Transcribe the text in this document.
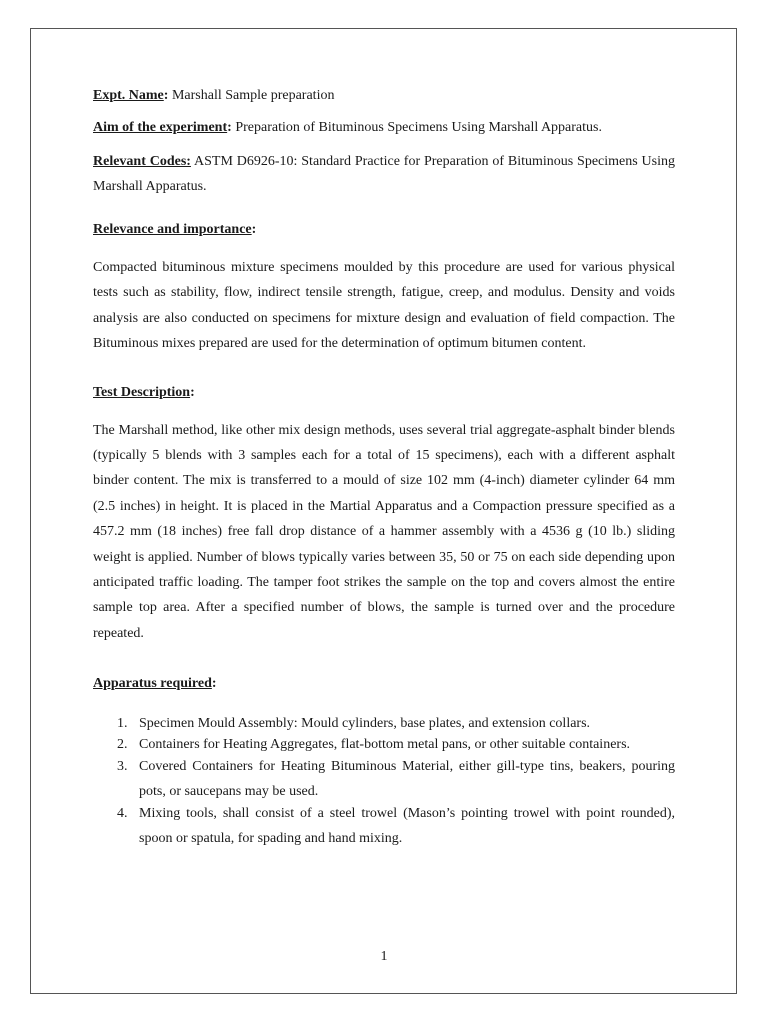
Expt. Name: Marshall Sample preparation

Aim of the experiment: Preparation of Bituminous Specimens Using Marshall Apparatus.

Relevant Codes: ASTM D6926-10: Standard Practice for Preparation of Bituminous Specimens Using Marshall Apparatus.

Relevance and importance:

Compacted bituminous mixture specimens moulded by this procedure are used for various physical tests such as stability, flow, indirect tensile strength, fatigue, creep, and modulus. Density and voids analysis are also conducted on specimens for mixture design and evaluation of field compaction. The Bituminous mixes prepared are used for the determination of optimum bitumen content.

Test Description:

The Marshall method, like other mix design methods, uses several trial aggregate-asphalt binder blends (typically 5 blends with 3 samples each for a total of 15 specimens), each with a different asphalt binder content. The mix is transferred to a mould of size 102 mm (4-inch) diameter cylinder 64 mm (2.5 inches) in height. It is placed in the Martial Apparatus and a Compaction pressure specified as a 457.2 mm (18 inches) free fall drop distance of a hammer assembly with a 4536 g (10 lb.) sliding weight is applied. Number of blows typically varies between 35, 50 or 75 on each side depending upon anticipated traffic loading. The tamper foot strikes the sample on the top and covers almost the entire sample top area. After a specified number of blows, the sample is turned over and the procedure repeated.

Apparatus required:

1. Specimen Mould Assembly: Mould cylinders, base plates, and extension collars.
2. Containers for Heating Aggregates, flat-bottom metal pans, or other suitable containers.
3. Covered Containers for Heating Bituminous Material, either gill-type tins, beakers, pouring pots, or saucepans may be used.
4. Mixing tools, shall consist of a steel trowel (Mason’s pointing trowel with point rounded), spoon or spatula, for spading and hand mixing.
1
